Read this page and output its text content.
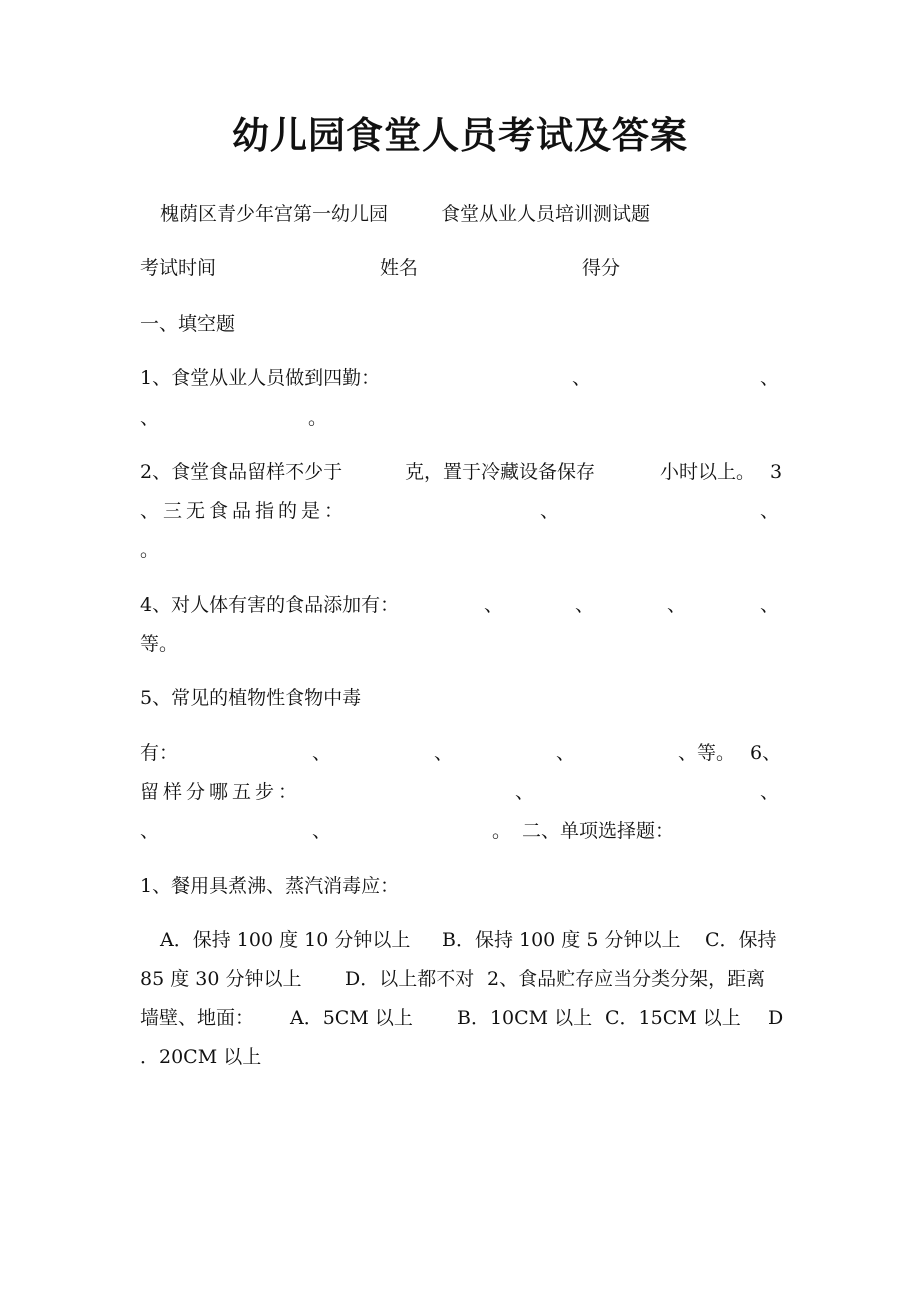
幼儿园食堂人员考试及答案
槐荫区青少年宫第一幼儿园	食堂从业人员培训测试题
考试时间	姓名	得分
一、填空题
1、食堂从业人员做到四勤：	、	、
、	。
2、食堂食品留样不少于	克，置于冷藏设备保存	小时以上。 3
、三无食品指的是：	、	、
。
4、对人体有害的食品添加有：	、	、	、	、
等。
5、常见的植物性食物中毒
有：	、	、	、	、等。 6、
留样分哪五步：	、	、
、	、	。 二、单项选择题：
1、餐用具煮沸、蒸汽消毒应：
A．保持 100 度 10 分钟以上 B．保持 100 度 5 分钟以上 C．保持
85 度 30 分钟以上 D．以上都不对 2、食品贮存应当分类分架，距离
墙壁、地面： A．5CM 以上 B．10CM 以上 C．15CM 以上 D
．20CM 以上
